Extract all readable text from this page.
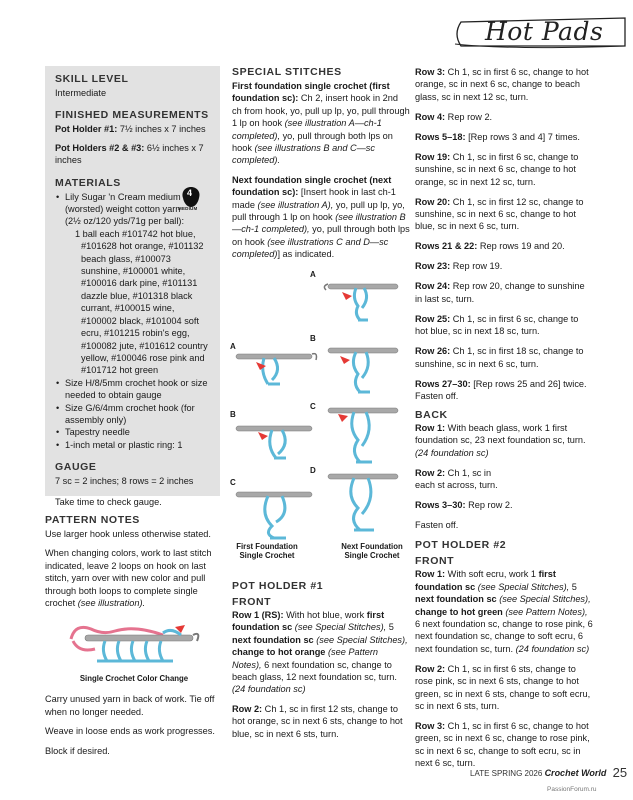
Hot Pads
SKILL LEVEL
Intermediate
FINISHED MEASUREMENTS
Pot Holder #1: 7½ inches x 7 inches
Pot Holders #2 & #3: 6½ inches x 7 inches
MATERIALS
• Lily Sugar 'n Cream medium (worsted) weight cotton yarn (2½ oz/120 yds/71g per ball):
1 ball each #101742 hot blue, #101628 hot orange, #101132 beach glass, #100073 sunshine, #100001 white, #100016 dark pine, #101131 dazzle blue, #101318 black currant, #100015 wine, #100002 black, #101004 soft ecru, #101215 robin's egg, #100082 jute, #101612 country yellow, #100046 rose pink and #101712 hot green
• Size H/8/5mm crochet hook or size needed to obtain gauge
• Size G/6/4mm crochet hook (for assembly only)
• Tapestry needle
• 1-inch metal or plastic ring: 1
GAUGE
7 sc = 2 inches; 8 rows = 2 inches
Take time to check gauge.
4
MEDIUM
PATTERN NOTES
Use larger hook unless otherwise stated.
When changing colors, work to last stitch indicated, leave 2 loops on hook on last stitch, yarn over with new color and pull through both loops to complete single crochet (see illustration).
Single Crochet Color Change
Carry unused yarn in back of work. Tie off when no longer needed.
Weave in loose ends as work progresses.
Block if desired.
SPECIAL STITCHES
First foundation single crochet (first foundation sc): Ch 2, insert hook in 2nd ch from hook, yo, pull up lp, yo, pull through 1 lp on hook (see illustration A—ch-1 completed), yo, pull through both lps on hook (see illustrations B and C—sc completed).
Next foundation single crochet (next foundation sc): [Insert hook in last ch-1 made (see illustration A), yo, pull up lp, yo, pull through 1 lp on hook (see illustration B—ch-1 completed), yo, pull through both lps on hook (see illustrations C and D—sc completed)] as indicated.
A
B
C
D
A
B
C
First Foundation Single Crochet
Next Foundation Single Crochet
POT HOLDER #1
FRONT
Row 1 (RS): With hot blue, work first foundation sc (see Special Stitches), 5 next foundation sc (see Special Stitches), change to hot orange (see Pattern Notes), 6 next foundation sc, change to beach glass, 12 next foundation sc, turn. (24 foundation sc)
Row 2: Ch 1, sc in first 12 sts, change to hot orange, sc in next 6 sts, change to hot blue, sc in next 6 sts, turn.
Row 3: Ch 1, sc in first 6 sc, change to hot orange, sc in next 6 sc, change to beach glass, sc in next 12 sc, turn.
Row 4: Rep row 2.
Rows 5–18: [Rep rows 3 and 4] 7 times.
Row 19: Ch 1, sc in first 6 sc, change to sunshine, sc in next 6 sc, change to hot orange, sc in next 12 sc, turn.
Row 20: Ch 1, sc in first 12 sc, change to sunshine, sc in next 6 sc, change to hot blue, sc in next 6 sc, turn.
Rows 21 & 22: Rep rows 19 and 20.
Row 23: Rep row 19.
Row 24: Rep row 20, change to sunshine in last sc, turn.
Row 25: Ch 1, sc in first 6 sc, change to hot blue, sc in next 18 sc, turn.
Row 26: Ch 1, sc in first 18 sc, change to sunshine, sc in next 6 sc, turn.
Rows 27–30: [Rep rows 25 and 26] twice. Fasten off.
BACK
Row 1: With beach glass, work 1 first foundation sc, 23 next foundation sc, turn. (24 foundation sc)
Row 2: Ch 1, sc in each st across, turn.
Rows 3–30: Rep row 2.
Fasten off.
POT HOLDER #2
FRONT
Row 1: With soft ecru, work 1 first foundation sc (see Special Stitches), 5 next foundation sc (see Special Stitches), change to hot green (see Pattern Notes), 6 next foundation sc, change to rose pink, 6 next foundation sc, change to soft ecru, 6 next foundation sc, turn. (24 foundation sc)
Row 2: Ch 1, sc in first 6 sts, change to rose pink, sc in next 6 sts, change to hot green, sc in next 6 sts, change to soft ecru, sc in next 6 sts, turn.
Row 3: Ch 1, sc in first 6 sc, change to hot green, sc in next 6 sc, change to rose pink, sc in next 6 sc, change to soft ecru, sc in next 6 sc, turn.
LATE SPRING 2026 Crochet World 25
PassionForum.ru
